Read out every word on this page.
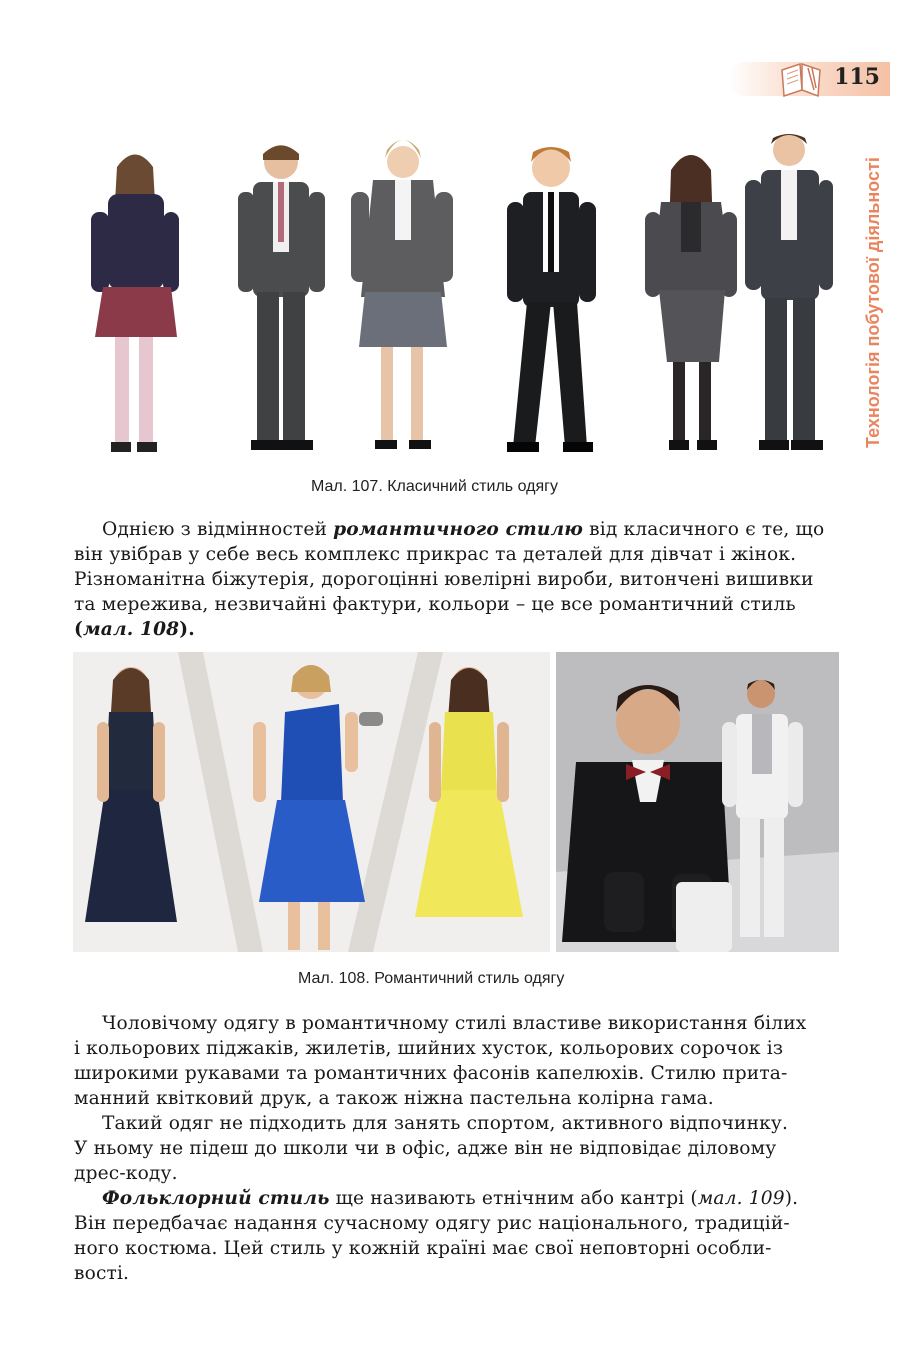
115
Технологія побутової діяльності
Мал. 107. Класичний стиль одягу

Однією з відмінностей романтичного стилю від класичного є те, що

він увібрав у себе весь комплекс прикрас та деталей для дівчат і жінок.
Різноманітна біжутерія, дорогоцінні ювелірні вироби, витончені вишивки
та мережива, незвичайні фактури, кольори – це все романтичний стиль
(мал. 108).

Мал. 108. Романтичний стиль одягу

Чоловічому одягу в романтичному стилі властиве використання білих
і кольорових піджаків, жилетів, шийних хусток, кольорових сорочок із
широкими рукавами та романтичних фасонів капелюхів. Стилю прита-
манний квітковий друк, а також ніжна пастельна колірна гама.

Такий одяг не підходить для занять спортом, активного відпочинку.
У ньому не підеш до школи чи в офіс, адже він не відповідає діловому
дрес-коду.

Фольклорний стиль ще називають етнічним або кантрі (мал. 109).
Він передбачає надання сучасному одягу рис національного, традицій-
ного костюма. Цей стиль у кожній країні має свої неповторні особли-
вості.
